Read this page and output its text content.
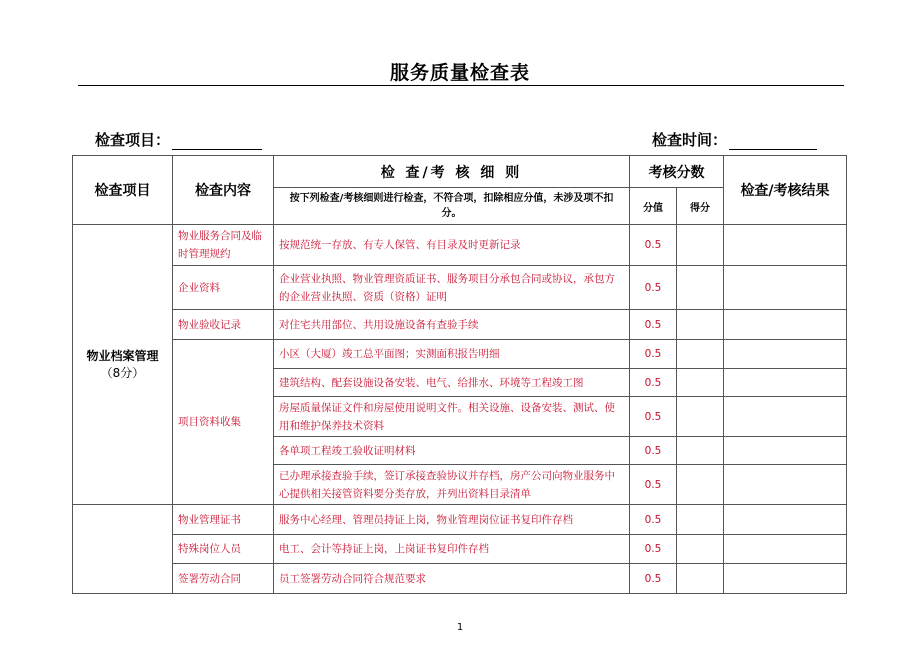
服务质量检查表
检查项目：	检查时间：
检查项目	检查内容	检 查/考 核 细 则	考核分数		检查/考核结果
		按下列检查/考核细则进行检查，不符合项，扣除相应分值，未涉及项不扣分。	分值	得分	
物业档案管理
（8分）	物业服务合同及临时管理规约	按规范统一存放、有专人保管、有目录及时更新记录	0.5		
	企业资料	企业营业执照、物业管理资质证书、服务项目分承包合同或协议，承包方的企业营业执照、资质（资格）证明	0.5		
	物业验收记录	对住宅共用部位、共用设施设备有查验手续	0.5		
	项目资料收集	小区（大厦）竣工总平面图；实测面积报告明细	0.5		
		建筑结构、配套设施设备安装、电气、给排水、环境等工程竣工图	0.5		
		房屋质量保证文件和房屋使用说明文件。相关设施、设备安装、测试、使用和维护保养技术资料	0.5		
		各单项工程竣工验收证明材料	0.5		
		已办理承接查验手续，签订承接查验协议并存档，房产公司向物业服务中心提供相关接管资料要分类存放，并列出资料目录清单	0.5		
	物业管理证书	服务中心经理、管理员持证上岗，物业管理岗位证书复印件存档	0.5		
	特殊岗位人员	电工、会计等持证上岗，上岗证书复印件存档	0.5		
	签署劳动合同	员工签署劳动合同符合规范要求	0.5		
1
